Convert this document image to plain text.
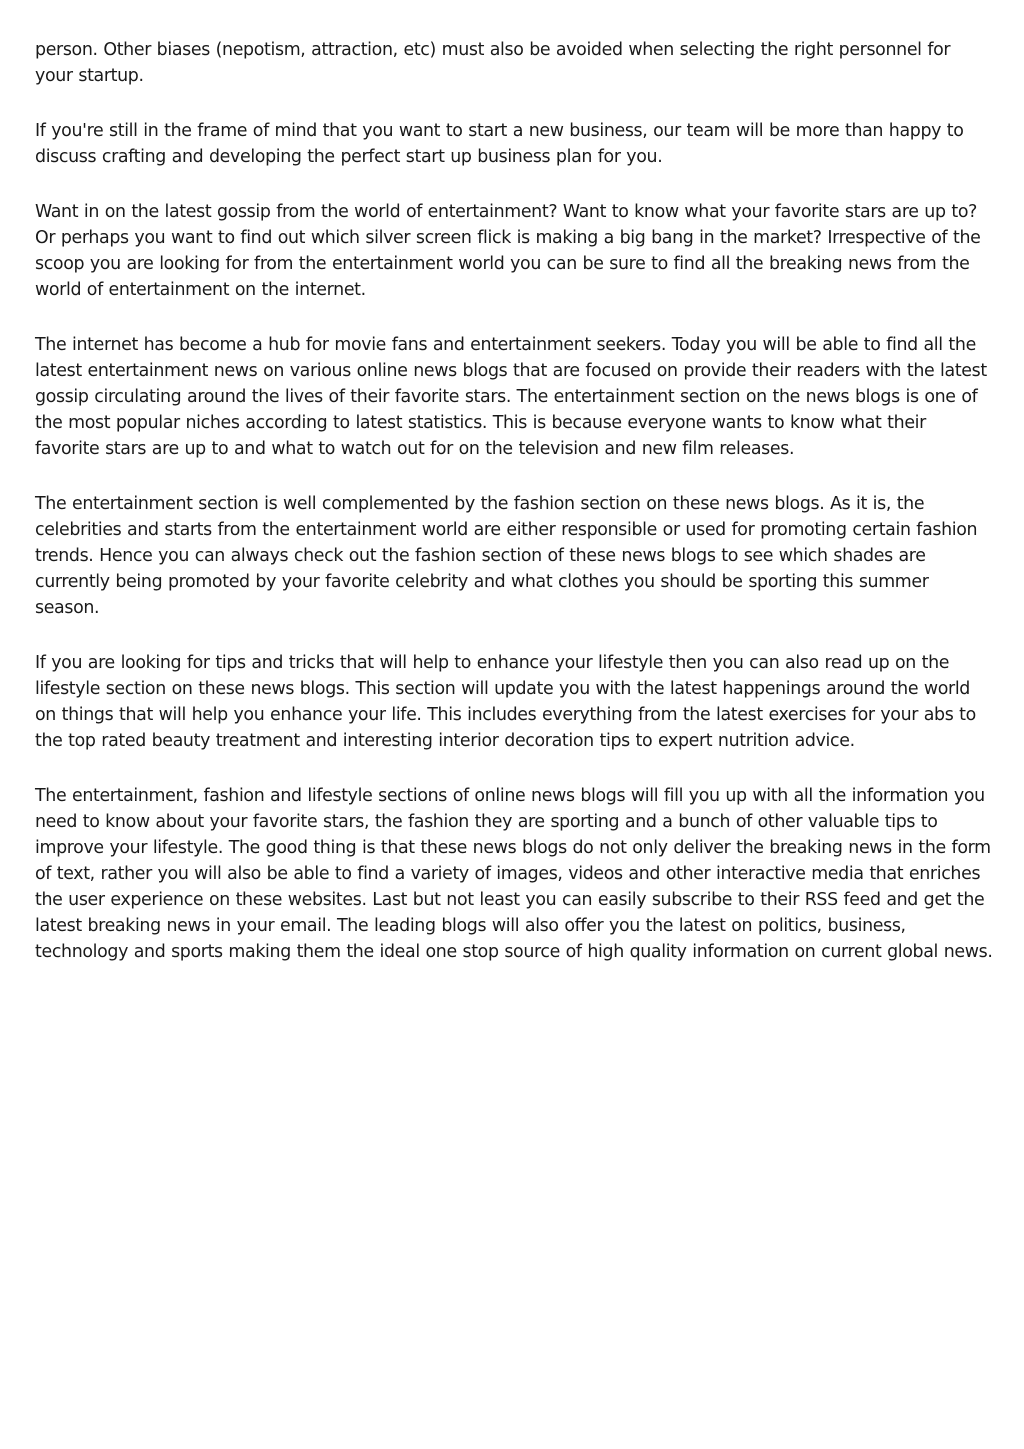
person. Other biases (nepotism, attraction, etc) must also be avoided when selecting the right personnel for your startup.

If you're still in the frame of mind that you want to start a new business, our team will be more than happy to discuss crafting and developing the perfect start up business plan for you.

Want in on the latest gossip from the world of entertainment? Want to know what your favorite stars are up to? Or perhaps you want to find out which silver screen flick is making a big bang in the market? Irrespective of the scoop you are looking for from the entertainment world you can be sure to find all the breaking news from the world of entertainment on the internet.

The internet has become a hub for movie fans and entertainment seekers. Today you will be able to find all the latest entertainment news on various online news blogs that are focused on provide their readers with the latest gossip circulating around the lives of their favorite stars. The entertainment section on the news blogs is one of the most popular niches according to latest statistics. This is because everyone wants to know what their favorite stars are up to and what to watch out for on the television and new film releases.

The entertainment section is well complemented by the fashion section on these news blogs. As it is, the celebrities and starts from the entertainment world are either responsible or used for promoting certain fashion trends. Hence you can always check out the fashion section of these news blogs to see which shades are currently being promoted by your favorite celebrity and what clothes you should be sporting this summer season.

If you are looking for tips and tricks that will help to enhance your lifestyle then you can also read up on the lifestyle section on these news blogs. This section will update you with the latest happenings around the world on things that will help you enhance your life. This includes everything from the latest exercises for your abs to the top rated beauty treatment and interesting interior decoration tips to expert nutrition advice.

The entertainment, fashion and lifestyle sections of online news blogs will fill you up with all the information you need to know about your favorite stars, the fashion they are sporting and a bunch of other valuable tips to improve your lifestyle. The good thing is that these news blogs do not only deliver the breaking news in the form of text, rather you will also be able to find a variety of images, videos and other interactive media that enriches the user experience on these websites. Last but not least you can easily subscribe to their RSS feed and get the latest breaking news in your email. The leading blogs will also offer you the latest on politics, business, technology and sports making them the ideal one stop source of high quality information on current global news.
